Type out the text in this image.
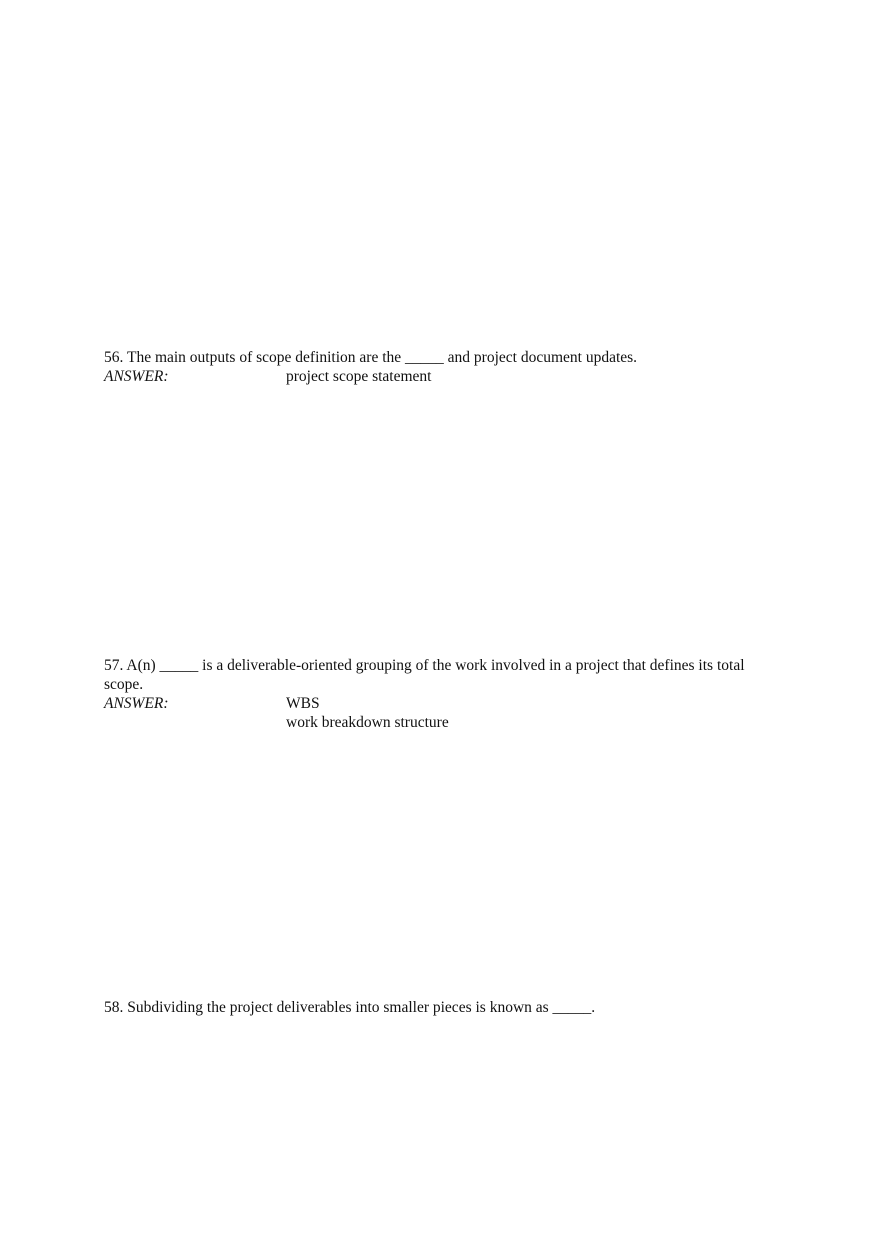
56. The main outputs of scope definition are the _____ and project document updates.
ANSWER:	project scope statement
57. A(n) _____ is a deliverable-oriented grouping of the work involved in a project that defines its total scope.
ANSWER:	WBS
work breakdown structure
58. Subdividing the project deliverables into smaller pieces is known as _____.
